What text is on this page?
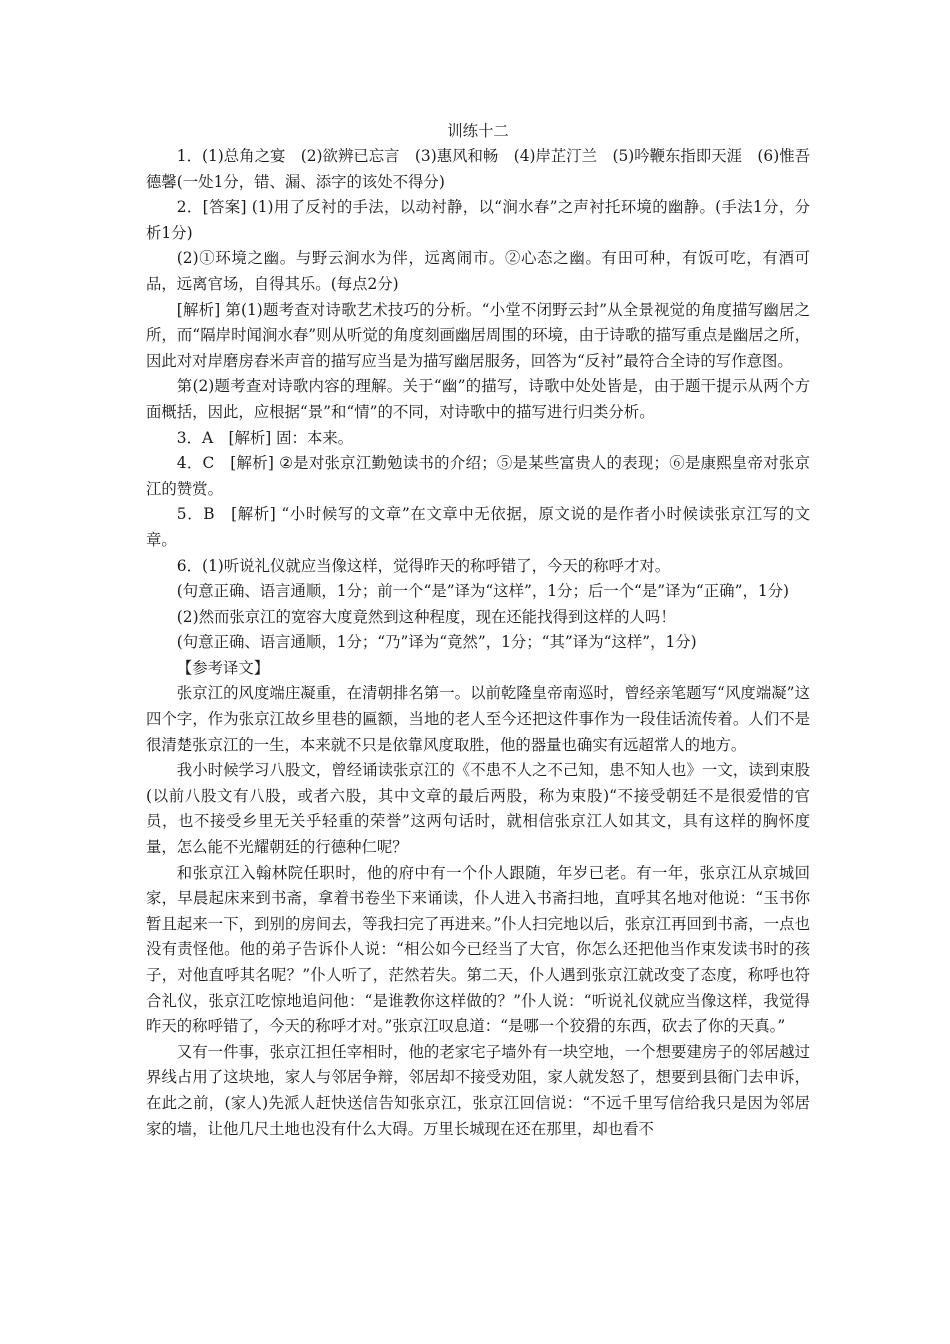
训练十二

1．(1)总角之宴　(2)欲辨已忘言　(3)惠风和畅　(4)岸芷汀兰　(5)吟鞭东指即天涯　(6)惟吾德馨(一处1分，错、漏、添字的该处不得分)

2．[答案] (1)用了反衬的手法，以动衬静，以“涧水春”之声衬托环境的幽静。(手法1分，分析1分)

(2)①环境之幽。与野云涧水为伴，远离闹市。②心态之幽。有田可种，有饭可吃，有酒可品，远离官场，自得其乐。(每点2分)

[解析] 第(1)题考查对诗歌艺术技巧的分析。“小堂不闭野云封”从全景视觉的角度描写幽居之所，而“隔岸时闻涧水春”则从听觉的角度刻画幽居周围的环境，由于诗歌的描写重点是幽居之所，因此对对岸磨房舂米声音的描写应当是为描写幽居服务，回答为“反衬”最符合全诗的写作意图。

第(2)题考查对诗歌内容的理解。关于“幽”的描写，诗歌中处处皆是，由于题干提示从两个方面概括，因此，应根据“景”和“情”的不同，对诗歌中的描写进行归类分析。

3．A　[解析] 固：本来。

4．C　[解析] ②是对张京江勤勉读书的介绍；⑤是某些富贵人的表现；⑥是康熙皇帝对张京江的赞赏。

5．B　[解析] “小时候写的文章”在文章中无依据，原文说的是作者小时候读张京江写的文章。

6．(1)听说礼仪就应当像这样，觉得昨天的称呼错了，今天的称呼才对。

(句意正确、语言通顺，1分；前一个“是”译为“这样”，1分；后一个“是”译为“正确”，1分)

(2)然而张京江的宽容大度竟然到这种程度，现在还能找得到这样的人吗！

(句意正确、语言通顺，1分；“乃”译为“竟然”，1分；“其”译为“这样”，1分)

【参考译文】

张京江的风度端庄凝重，在清朝排名第一。以前乾隆皇帝南巡时，曾经亲笔题写“风度端凝”这四个字，作为张京江故乡里巷的匾额，当地的老人至今还把这件事作为一段佳话流传着。人们不是很清楚张京江的一生，本来就不只是依靠风度取胜，他的器量也确实有远超常人的地方。

我小时候学习八股文，曾经诵读张京江的《不患不人之不己知，患不知人也》一文，读到束股(以前八股文有八股，或者六股，其中文章的最后两股，称为束股)“不接受朝廷不是很爱惜的官员，也不接受乡里无关乎轻重的荣誉”这两句话时，就相信张京江人如其文，具有这样的胸怀度量，怎么能不光耀朝廷的行德种仁呢？

和张京江入翰林院任职时，他的府中有一个仆人跟随，年岁已老。有一年，张京江从京城回家，早晨起床来到书斋，拿着书卷坐下来诵读，仆人进入书斋扫地，直呼其名地对他说：“玉书你暂且起来一下，到别的房间去，等我扫完了再进来。”仆人扫完地以后，张京江再回到书斋，一点也没有责怪他。他的弟子告诉仆人说：“相公如今已经当了大官，你怎么还把他当作束发读书时的孩子，对他直呼其名呢？”仆人听了，茫然若失。第二天，仆人遇到张京江就改变了态度，称呼也符合礼仪，张京江吃惊地追问他：“是谁教你这样做的？”仆人说：“听说礼仪就应当像这样，我觉得昨天的称呼错了，今天的称呼才对。”张京江叹息道：“是哪一个狡猾的东西，砍去了你的天真。”

又有一件事，张京江担任宰相时，他的老家宅子墙外有一块空地，一个想要建房子的邻居越过界线占用了这块地，家人与邻居争辩，邻居却不接受劝阻，家人就发怒了，想要到县衙门去申诉，在此之前，(家人)先派人赶快送信告知张京江，张京江回信说：“不远千里写信给我只是因为邻居家的墙，让他几尺土地也没有什么大碍。万里长城现在还在那里，却也看不
